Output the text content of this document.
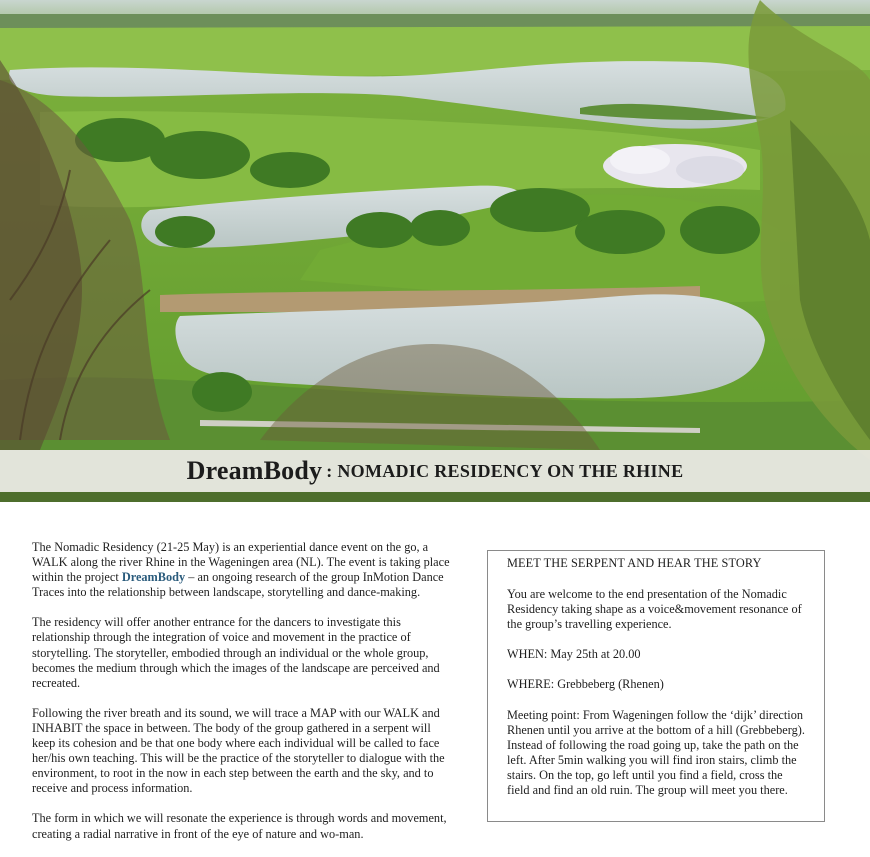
DreamBody : NOMADIC RESIDENCY ON THE RHINE

The Nomadic Residency (21-25 May) is an experiential dance event on the go, a WALK along the river Rhine in the Wageningen area (NL). The event is taking place within the project DreamBody – an ongoing research of the group InMotion Dance Traces into the relationship between landscape, storytelling and dance-making.

The residency will offer another entrance for the dancers to investigate this relationship through the integration of voice and movement in the practice of storytelling. The storyteller, embodied through an individual or the whole group, becomes the medium through which the images of the landscape are perceived and recreated.

Following the river breath and its sound, we will trace a MAP with our WALK and INHABIT the space in between. The body of the group gathered in a serpent will keep its cohesion and be that one body where each individual will be called to face her/his own teaching. This will be the practice of the storyteller to dialogue with the environment, to root in the now in each step between the earth and the sky, and to receive and process information.

The form in which we will resonate the experience is through words and movement, creating a radial narrative in front of the eye of nature and wo-man.

MEET THE SERPENT AND HEAR THE STORY

You are welcome to the end presentation of the Nomadic Residency taking shape as a voice&movement resonance of the group’s travelling experience.

WHEN: May 25th at 20.00

WHERE: Grebbeberg (Rhenen)

Meeting point: From Wageningen follow the ‘dijk’ direction Rhenen until you arrive at the bottom of a hill (Grebbeberg). Instead of following the road going up, take the path on the left. After 5min walking you will find iron stairs, climb the stairs. On the top, go left until you find a field, cross the field and find an old ruin. The group will meet you there.
